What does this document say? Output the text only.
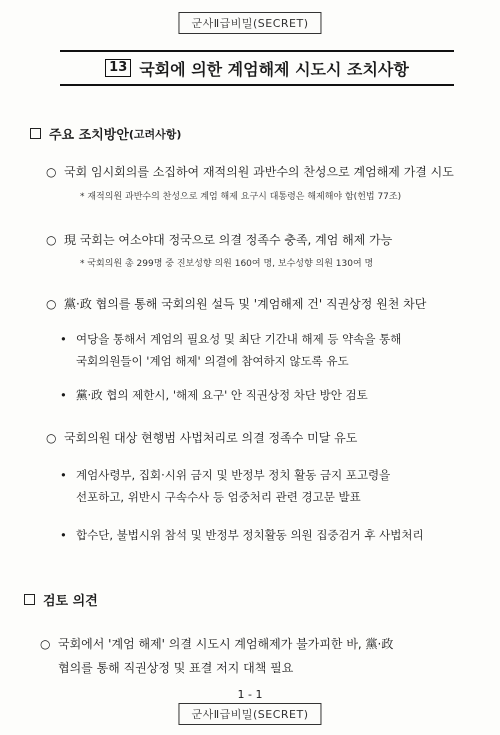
군사Ⅱ급비밀(SECRET)
13 국회에 의한 계엄해제 시도시 조치사항
주요 조치방안 (고려사항)
○ 국회 임시회의를 소집하여 재적의원 과반수의 찬성으로 계엄해제 가결 시도
* 재적의원 과반수의 찬성으로 계엄 해제 요구시 대통령은 해제해야 함(헌법 77조)
○ 現 국회는 여소야대 정국으로 의결 정족수 충족, 계엄 해제 가능
* 국회의원 총 299명 중 진보성향 의원 160여 명, 보수성향 의원 130여 명
○ 黨·政 협의를 통해 국회의원 설득 및 '계엄해제 건' 직권상정 원천 차단
• 여당을 통해서 계엄의 필요성 및 최단 기간내 해제 등 약속을 통해
국회의원들이 '계엄 해제' 의결에 참여하지 않도록 유도
• 黨·政 협의 제한시, '해제 요구' 안 직권상정 차단 방안 검토
○ 국회의원 대상 현행범 사법처리로 의결 정족수 미달 유도
• 계엄사령부, 집회·시위 금지 및 반정부 정치 활동 금지 포고령을
선포하고, 위반시 구속수사 등 엄중처리 관련 경고문 발표
• 합수단, 불법시위 참석 및 반정부 정치활동 의원 집중검거 후 사법처리
검토 의견
○ 국회에서 '계엄 해제' 의결 시도시 계엄해제가 불가피한 바, 黨·政
협의를 통해 직권상정 및 표결 저지 대책 필요
1 - 1
군사Ⅱ급비밀(SECRET)
